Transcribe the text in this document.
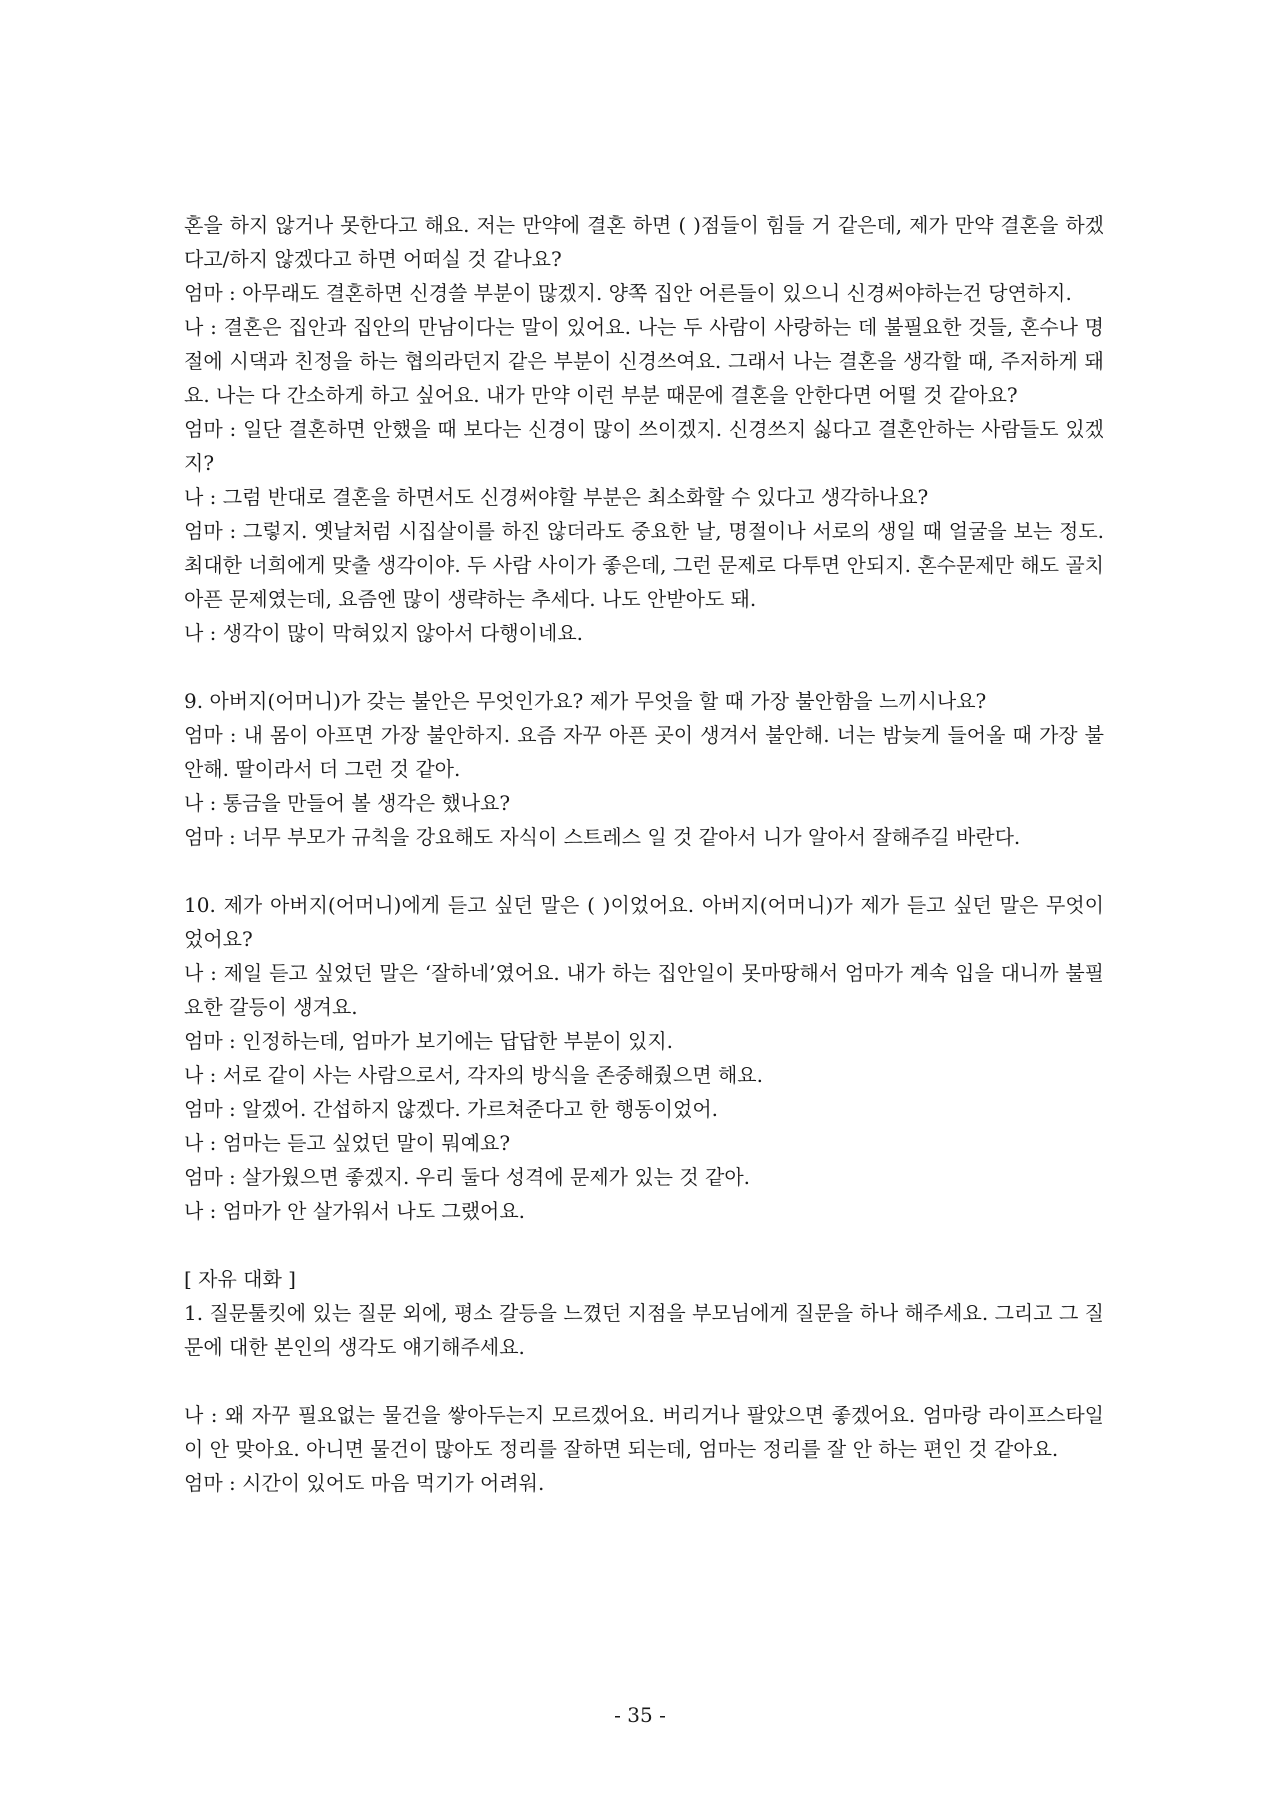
혼을 하지 않거나 못한다고 해요. 저는 만약에 결혼 하면 ( )점들이 힘들 거 같은데, 제가 만약 결혼을 하겠다고/하지 않겠다고 하면 어떠실 것 같나요?

엄마 : 아무래도 결혼하면 신경쓸 부분이 많겠지. 양쪽 집안 어른들이 있으니 신경써야하는건 당연하지.

나 : 결혼은 집안과 집안의 만남이다는 말이 있어요. 나는 두 사람이 사랑하는 데 불필요한 것들, 혼수나 명절에 시댁과 친정을 하는 협의라던지 같은 부분이 신경쓰여요. 그래서 나는 결혼을 생각할 때, 주저하게 돼요. 나는 다 간소하게 하고 싶어요. 내가 만약 이런 부분 때문에 결혼을 안한다면 어떨 것 같아요?

엄마 : 일단 결혼하면 안했을 때 보다는 신경이 많이 쓰이겠지. 신경쓰지 싫다고 결혼안하는 사람들도 있겠지?

나 : 그럼 반대로 결혼을 하면서도 신경써야할 부분은 최소화할 수 있다고 생각하나요?

엄마 : 그렇지. 옛날처럼 시집살이를 하진 않더라도 중요한 날, 명절이나 서로의 생일 때 얼굴을 보는 정도. 최대한 너희에게 맞출 생각이야. 두 사람 사이가 좋은데, 그런 문제로 다투면 안되지. 혼수문제만 해도 골치아픈 문제였는데, 요즘엔 많이 생략하는 추세다. 나도 안받아도 돼.

나 : 생각이 많이 막혀있지 않아서 다행이네요.

9. 아버지(어머니)가 갖는 불안은 무엇인가요? 제가 무엇을 할 때 가장 불안함을 느끼시나요?

엄마 : 내 몸이 아프면 가장 불안하지. 요즘 자꾸 아픈 곳이 생겨서 불안해. 너는 밤늦게 들어올 때 가장 불안해. 딸이라서 더 그런 것 같아.

나 : 통금을 만들어 볼 생각은 했나요?

엄마 : 너무 부모가 규칙을 강요해도 자식이 스트레스 일 것 같아서 니가 알아서 잘해주길 바란다.

10. 제가 아버지(어머니)에게 듣고 싶던 말은 ( )이었어요. 아버지(어머니)가 제가 듣고 싶던 말은 무엇이었어요?

나 : 제일 듣고 싶었던 말은 ‘잘하네’였어요. 내가 하는 집안일이 못마땅해서 엄마가 계속 입을 대니까 불필요한 갈등이 생겨요.

엄마 : 인정하는데, 엄마가 보기에는 답답한 부분이 있지.

나 : 서로 같이 사는 사람으로서, 각자의 방식을 존중해줬으면 해요.

엄마 : 알겠어. 간섭하지 않겠다. 가르쳐준다고 한 행동이었어.

나 : 엄마는 듣고 싶었던 말이 뭐예요?

엄마 : 살가웠으면 좋겠지. 우리 둘다 성격에 문제가 있는 것 같아.

나 : 엄마가 안 살가워서 나도 그랬어요.

[ 자유 대화 ]

1. 질문툴킷에 있는 질문 외에, 평소 갈등을 느꼈던 지점을 부모님에게 질문을 하나 해주세요. 그리고 그 질문에 대한 본인의 생각도 얘기해주세요.

나 : 왜 자꾸 필요없는 물건을 쌓아두는지 모르겠어요. 버리거나 팔았으면 좋겠어요. 엄마랑 라이프스타일이 안 맞아요. 아니면 물건이 많아도 정리를 잘하면 되는데, 엄마는 정리를 잘 안 하는 편인 것 같아요.

엄마 : 시간이 있어도 마음 먹기가 어려워.

- 35 -
